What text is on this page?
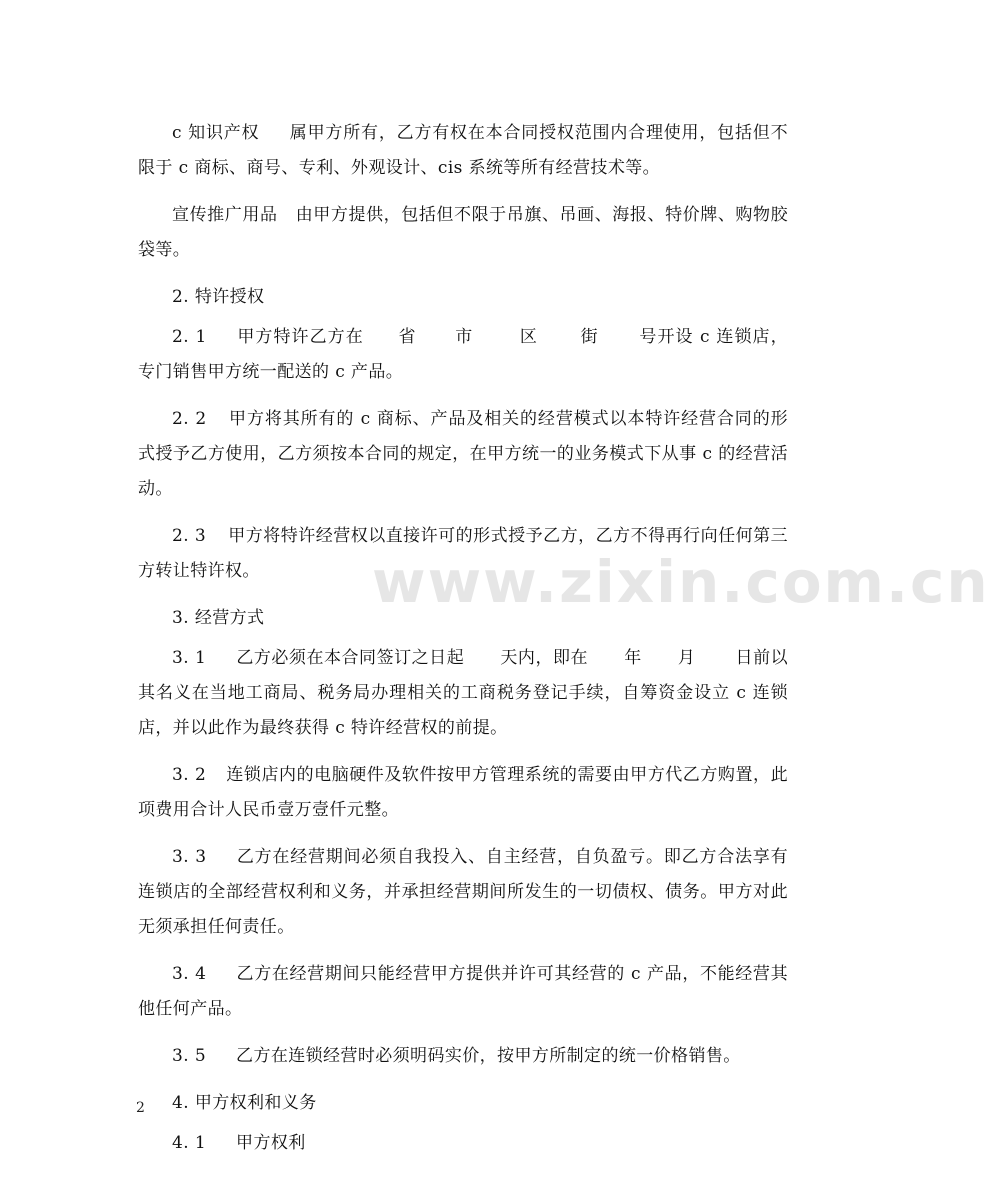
www.zixin.com.cn

c 知识产权 属甲方所有，乙方有权在本合同授权范围内合理使用，包括但不限于 c 商标、商号、专利、外观设计、cis 系统等所有经营技术等。

宣传推广用品 由甲方提供，包括但不限于吊旗、吊画、海报、特价牌、购物胶袋等。

2. 特许授权

2. 1 甲方特许乙方在 省 市	区 街 号开设 c 连锁店，专门销售甲方统一配送的 c 产品。

2. 2 甲方将其所有的 c 商标、产品及相关的经营模式以本特许经营合同的形式授予乙方使用，乙方须按本合同的规定，在甲方统一的业务模式下从事 c 的经营活动。

2. 3 甲方将特许经营权以直接许可的形式授予乙方，乙方不得再行向任何第三方转让特许权。

3. 经营方式

3. 1 乙方必须在本合同签订之日起 天内，即在 年 月 日前以其名义在当地工商局、税务局办理相关的工商税务登记手续，自筹资金设立 c 连锁店，并以此作为最终获得 c 特许经营权的前提。

3. 2 连锁店内的电脑硬件及软件按甲方管理系统的需要由甲方代乙方购置，此项费用合计人民币壹万壹仟元整。

3. 3 乙方在经营期间必须自我投入、自主经营，自负盈亏。即乙方合法享有连锁店的全部经营权利和义务，并承担经营期间所发生的一切债权、债务。甲方对此无须承担任何责任。

3. 4 乙方在经营期间只能经营甲方提供并许可其经营的 c 产品，不能经营其他任何产品。

3. 5 乙方在连锁经营时必须明码实价，按甲方所制定的统一价格销售。

4. 甲方权利和义务

4. 1 甲方权利

2
